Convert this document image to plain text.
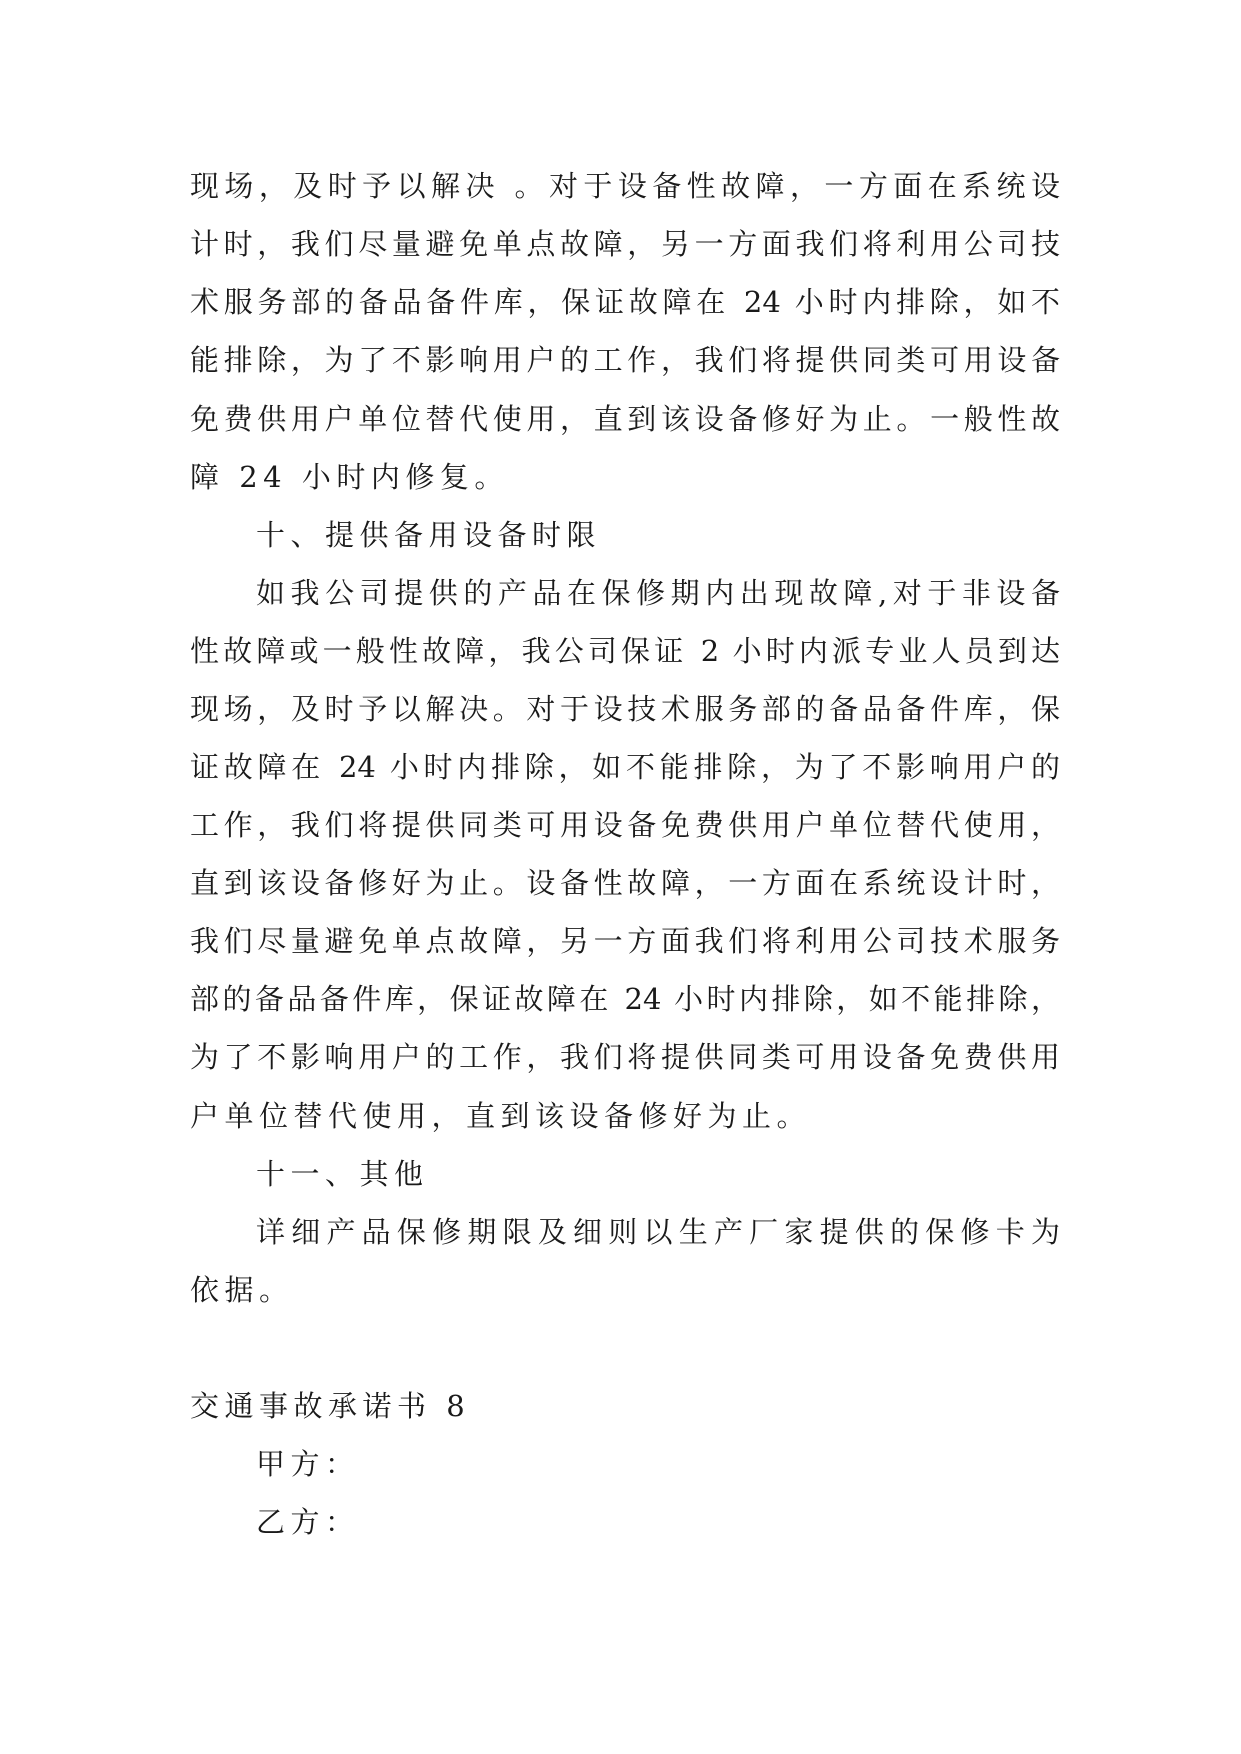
现场，及时予以解决 。对于设备性故障，一方面在系统设
计时，我们尽量避免单点故障，另一方面我们将利用公司技
术服务部的备品备件库，保证故障在 24 小时内排除，如不
能排除，为了不影响用户的工作，我们将提供同类可用设备
免费供用户单位替代使用，直到该设备修好为止。一般性故
障 24 小时内修复。
十、提供备用设备时限
如我公司提供的产品在保修期内出现故障,对于非设备
性故障或一般性故障，我公司保证 2 小时内派专业人员到达
现场，及时予以解决。对于设技术服务部的备品备件库，保
证故障在 24 小时内排除，如不能排除，为了不影响用户的
工作，我们将提供同类可用设备免费供用户单位替代使用，
直到该设备修好为止。设备性故障，一方面在系统设计时，
我们尽量避免单点故障，另一方面我们将利用公司技术服务
部的备品备件库，保证故障在 24 小时内排除，如不能排除，
为了不影响用户的工作，我们将提供同类可用设备免费供用
户单位替代使用，直到该设备修好为止。
十一、其他
详细产品保修期限及细则以生产厂家提供的保修卡为
依据。
交通事故承诺书 8
甲方：
乙方：
